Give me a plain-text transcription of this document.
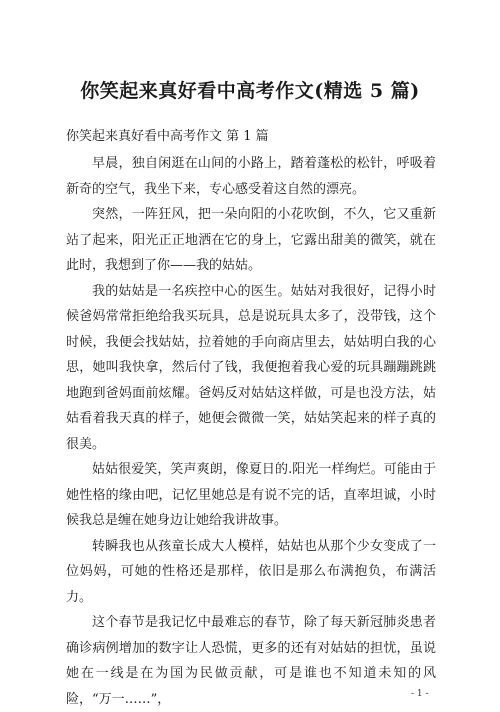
你笑起来真好看中高考作文(精选 5 篇)
你笑起来真好看中高考作文 第 1 篇

早晨，独自闲逛在山间的小路上，踏着蓬松的松针，呼吸着新奇的空气，我坐下来，专心感受着这自然的漂亮。

突然，一阵狂风，把一朵向阳的小花吹倒，不久，它又重新站了起来，阳光正正地洒在它的身上，它露出甜美的微笑，就在此时，我想到了你——我的姑姑。

我的姑姑是一名疾控中心的医生。姑姑对我很好，记得小时候爸妈常常拒绝给我买玩具，总是说玩具太多了，没带钱，这个时候，我便会找姑姑，拉着她的手向商店里去，姑姑明白我的心思，她叫我快拿，然后付了钱，我便抱着我心爱的玩具蹦蹦跳跳地跑到爸妈面前炫耀。爸妈反对姑姑这样做，可是也没方法，姑姑看着我天真的样子，她便会微微一笑，姑姑笑起来的样子真的很美。

姑姑很爱笑，笑声爽朗，像夏日的.阳光一样绚烂。可能由于她性格的缘由吧，记忆里她总是有说不完的话，直率坦诚，小时候我总是缠在她身边让她给我讲故事。

转瞬我也从孩童长成大人模样，姑姑也从那个少女变成了一位妈妈，可她的性格还是那样，依旧是那么布满抱负，布满活力。

这个春节是我记忆中最难忘的春节，除了每天新冠肺炎患者确诊病例增加的数字让人恐慌，更多的还有对姑姑的担忧，虽说她在一线是在为国为民做贡献，可是谁也不知道未知的风险，“万一……”，	- 1 -
